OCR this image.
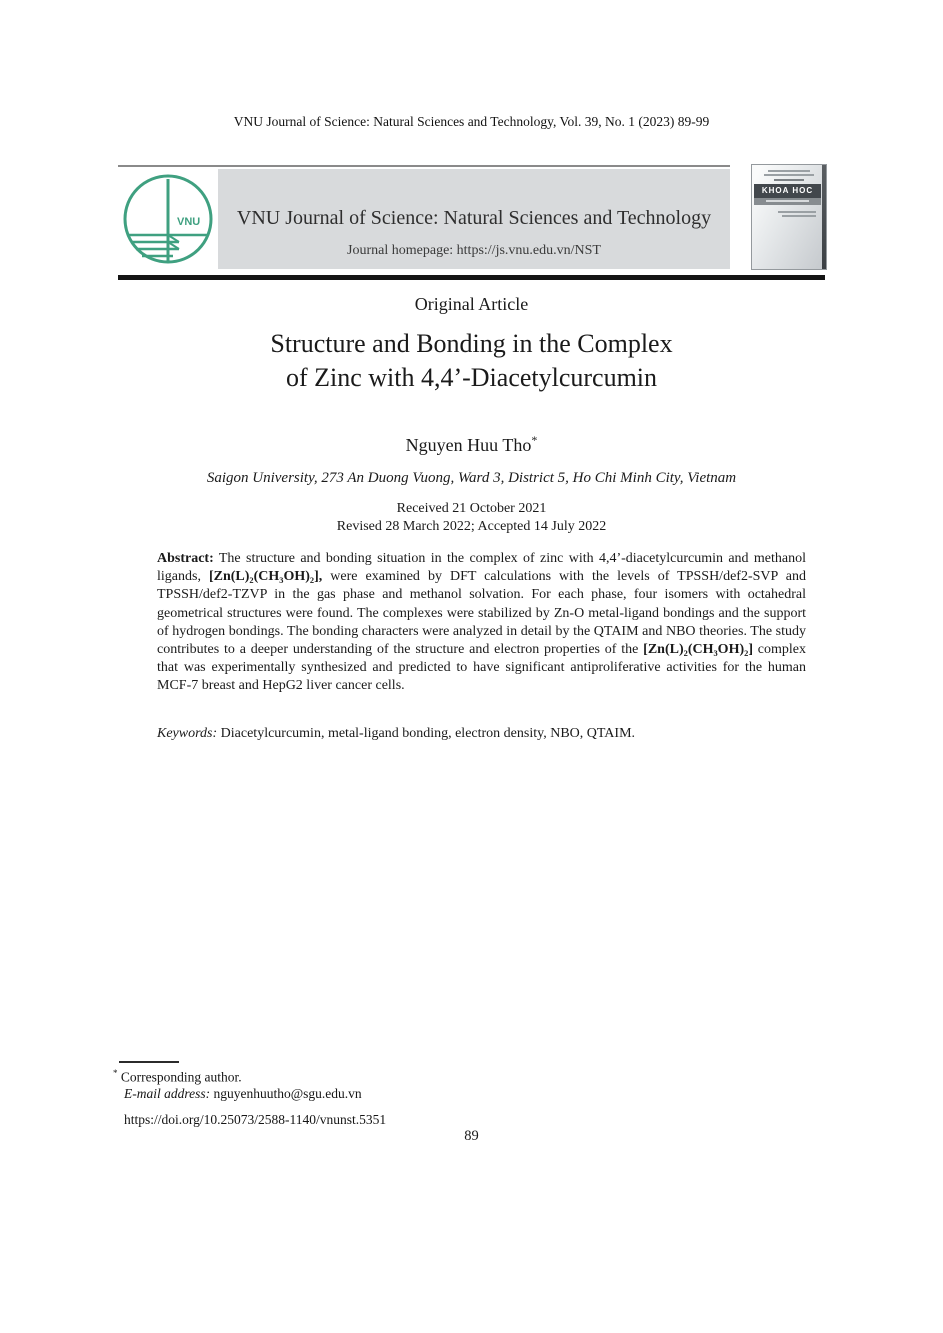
VNU Journal of Science: Natural Sciences and Technology, Vol. 39, No. 1 (2023) 89-99
VNU	VNU Journal of Science: Natural Sciences and Technology
Journal homepage: https://js.vnu.edu.vn/NST
KHOA HOC
Original Article
Structure and Bonding in the Complex
of Zinc with 4,4’-Diacetylcurcumin
Nguyen Huu Tho*
Saigon University, 273 An Duong Vuong, Ward 3, District 5, Ho Chi Minh City, Vietnam
Received 21 October 2021
Revised 28 March 2022; Accepted 14 July 2022

Abstract: The structure and bonding situation in the complex of zinc with 4,4’-diacetylcurcumin and methanol ligands, [Zn(L)₂(CH₃OH)₂], were examined by DFT calculations with the levels of TPSSH/def2-SVP and TPSSH/def2-TZVP in the gas phase and methanol solvation. For each phase, four isomers with octahedral geometrical structures were found. The complexes were stabilized by Zn-O metal-ligand bondings and the support of hydrogen bondings. The bonding characters were analyzed in detail by the QTAIM and NBO theories. The study contributes to a deeper understanding of the structure and electron properties of the [Zn(L)₂(CH₃OH)₂] complex that was experimentally synthesized and predicted to have significant antiproliferative activities for the human MCF-7 breast and HepG2 liver cancer cells.

Keywords: Diacetylcurcumin, metal-ligand bonding, electron density, NBO, QTAIM.

* Corresponding author.
E-mail address: nguyenhuutho@sgu.edu.vn
https://doi.org/10.25073/2588-1140/vnunst.5351
89
